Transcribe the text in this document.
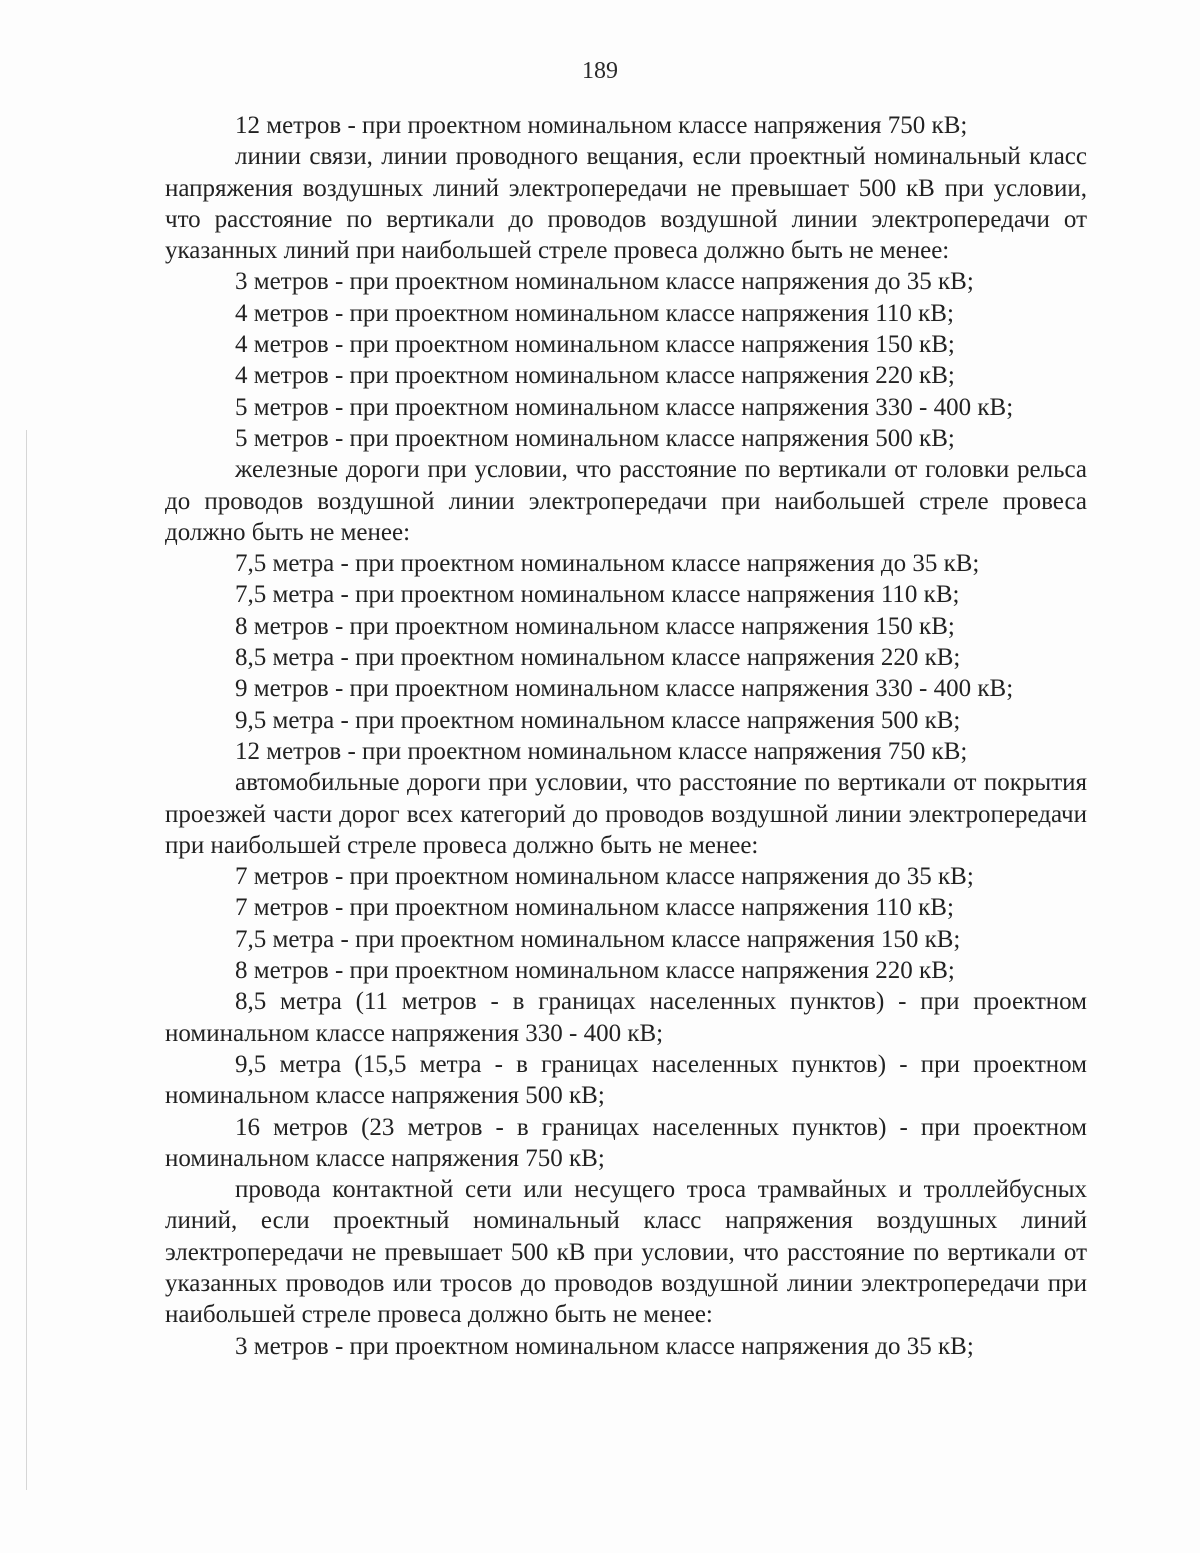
189

12 метров - при проектном номинальном классе напряжения 750 кВ;

линии связи, линии проводного вещания, если проектный номинальный класс напряжения воздушных линий электропередачи не превышает 500 кВ при условии, что расстояние по вертикали до проводов воздушной линии электропередачи от указанных линий при наибольшей стреле провеса должно быть не менее:

3 метров - при проектном номинальном классе напряжения до 35 кВ;

4 метров - при проектном номинальном классе напряжения 110 кВ;

4 метров - при проектном номинальном классе напряжения 150 кВ;

4 метров - при проектном номинальном классе напряжения 220 кВ;

5 метров - при проектном номинальном классе напряжения 330 - 400 кВ;

5 метров - при проектном номинальном классе напряжения 500 кВ;

железные дороги при условии, что расстояние по вертикали от головки рельса до проводов воздушной линии электропередачи при наибольшей стреле провеса должно быть не менее:

7,5 метра - при проектном номинальном классе напряжения до 35 кВ;

7,5 метра - при проектном номинальном классе напряжения 110 кВ;

8 метров - при проектном номинальном классе напряжения 150 кВ;

8,5 метра - при проектном номинальном классе напряжения 220 кВ;

9 метров - при проектном номинальном классе напряжения 330 - 400 кВ;

9,5 метра - при проектном номинальном классе напряжения 500 кВ;

12 метров - при проектном номинальном классе напряжения 750 кВ;

автомобильные дороги при условии, что расстояние по вертикали от покрытия проезжей части дорог всех категорий до проводов воздушной линии электропередачи при наибольшей стреле провеса должно быть не менее:

7 метров - при проектном номинальном классе напряжения до 35 кВ;

7 метров - при проектном номинальном классе напряжения 110 кВ;

7,5 метра - при проектном номинальном классе напряжения 150 кВ;

8 метров - при проектном номинальном классе напряжения 220 кВ;

8,5 метра (11 метров - в границах населенных пунктов) - при проектном номинальном классе напряжения 330 - 400 кВ;

9,5 метра (15,5 метра - в границах населенных пунктов) - при проектном номинальном классе напряжения 500 кВ;

16 метров (23 метров - в границах населенных пунктов) - при проектном номинальном классе напряжения 750 кВ;

провода контактной сети или несущего троса трамвайных и троллейбусных линий, если проектный номинальный класс напряжения воздушных линий электропередачи не превышает 500 кВ при условии, что расстояние по вертикали от указанных проводов или тросов до проводов воздушной линии электропередачи при наибольшей стреле провеса должно быть не менее:

3 метров - при проектном номинальном классе напряжения до 35 кВ;
